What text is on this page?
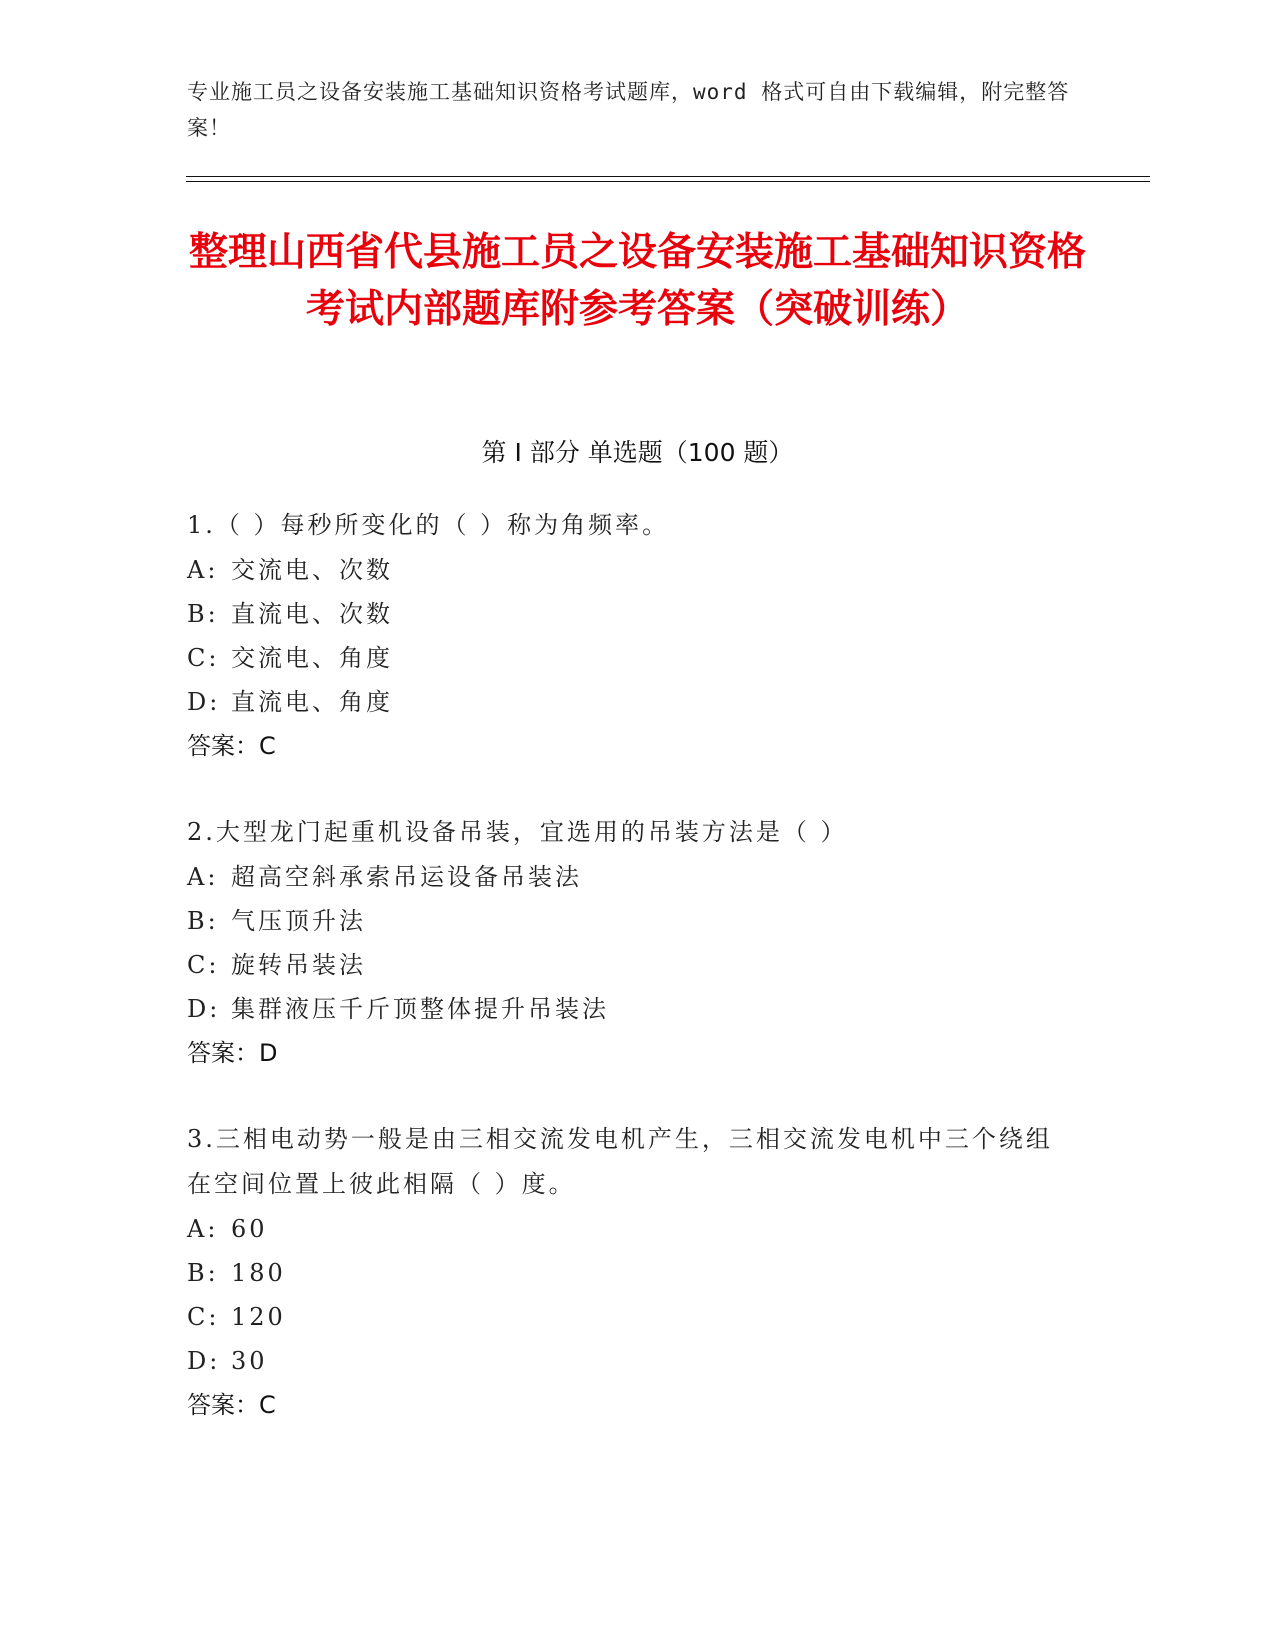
专业施工员之设备安装施工基础知识资格考试题库，word 格式可自由下载编辑，附完整答案！
整理山西省代县施工员之设备安装施工基础知识资格考试内部题库附参考答案（突破训练）
第 I 部分 单选题（100 题）
1.（ ）每秒所变化的（ ）称为角频率。
A: 交流电、次数
B: 直流电、次数
C: 交流电、角度
D: 直流电、角度
答案：C
2.大型龙门起重机设备吊装，宜选用的吊装方法是（ ）
A: 超高空斜承索吊运设备吊装法
B: 气压顶升法
C: 旋转吊装法
D: 集群液压千斤顶整体提升吊装法
答案：D
3.三相电动势一般是由三相交流发电机产生，三相交流发电机中三个绕组在空间位置上彼此相隔（ ）度。
A: 60
B: 180
C: 120
D: 30
答案：C
